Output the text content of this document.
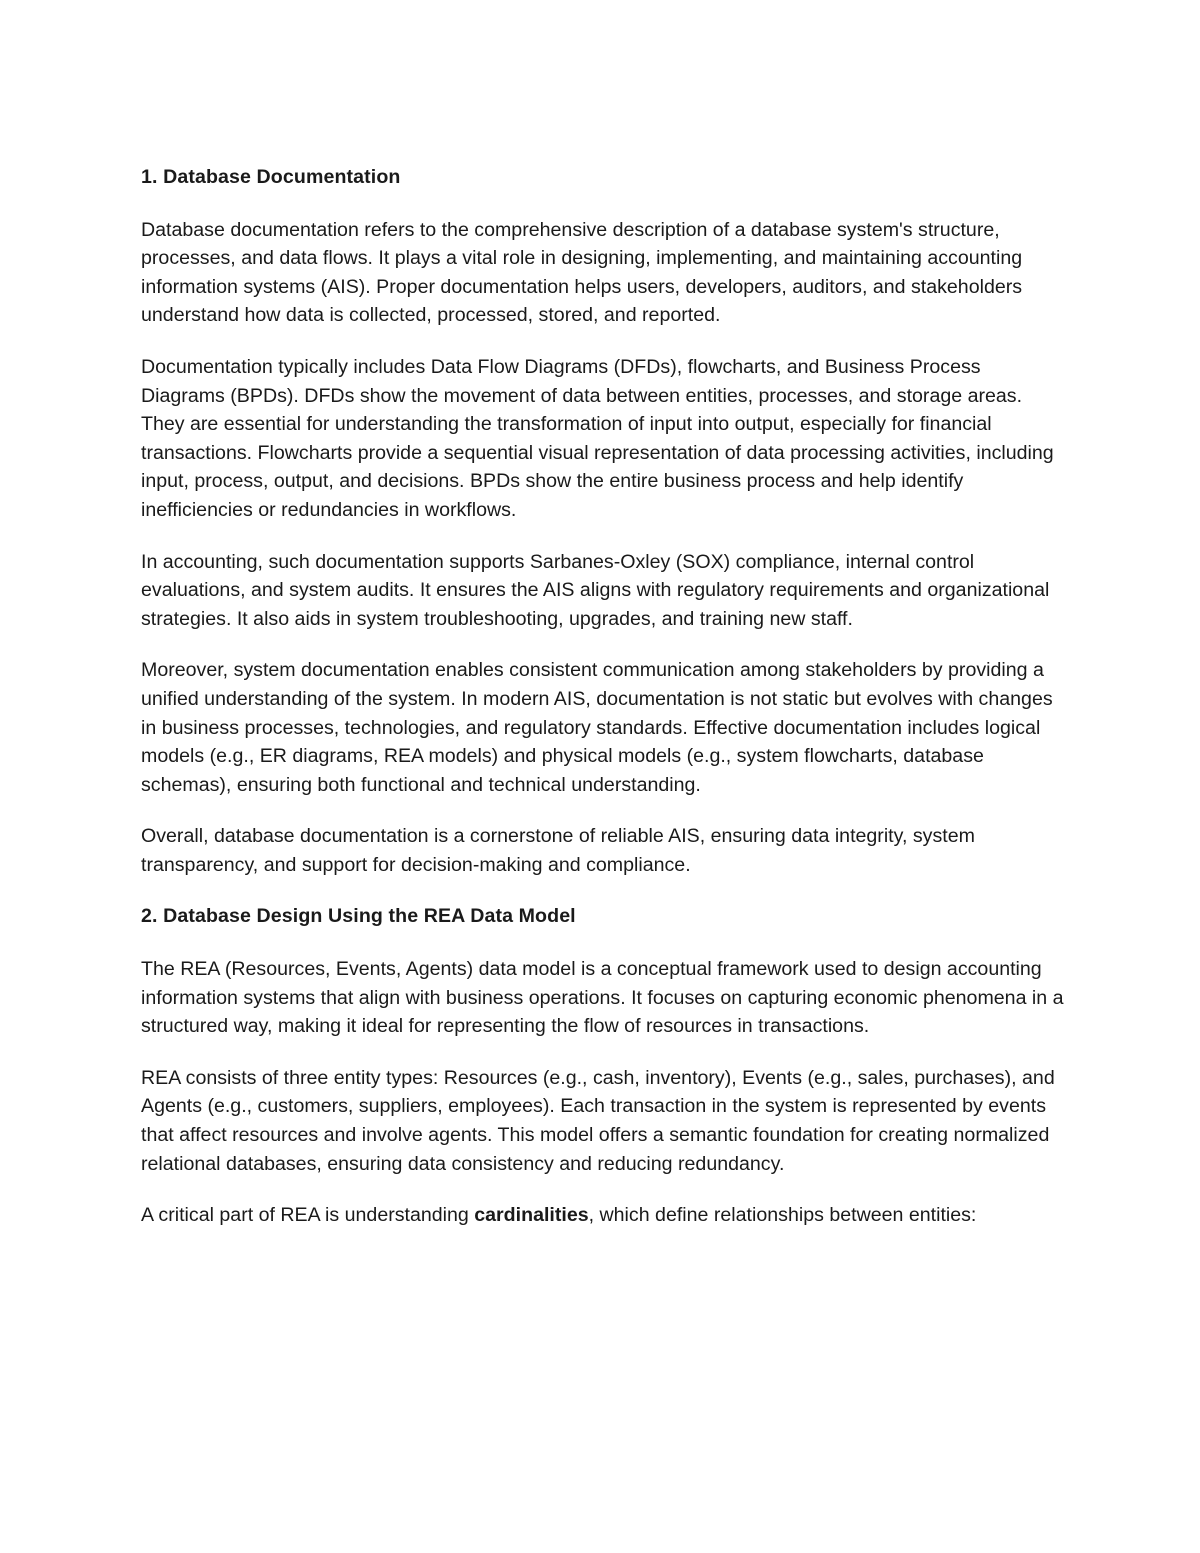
1. Database Documentation
Database documentation refers to the comprehensive description of a database system's structure, processes, and data flows. It plays a vital role in designing, implementing, and maintaining accounting information systems (AIS). Proper documentation helps users, developers, auditors, and stakeholders understand how data is collected, processed, stored, and reported.
Documentation typically includes Data Flow Diagrams (DFDs), flowcharts, and Business Process Diagrams (BPDs). DFDs show the movement of data between entities, processes, and storage areas. They are essential for understanding the transformation of input into output, especially for financial transactions. Flowcharts provide a sequential visual representation of data processing activities, including input, process, output, and decisions. BPDs show the entire business process and help identify inefficiencies or redundancies in workflows.
In accounting, such documentation supports Sarbanes-Oxley (SOX) compliance, internal control evaluations, and system audits. It ensures the AIS aligns with regulatory requirements and organizational strategies. It also aids in system troubleshooting, upgrades, and training new staff.
Moreover, system documentation enables consistent communication among stakeholders by providing a unified understanding of the system. In modern AIS, documentation is not static but evolves with changes in business processes, technologies, and regulatory standards. Effective documentation includes logical models (e.g., ER diagrams, REA models) and physical models (e.g., system flowcharts, database schemas), ensuring both functional and technical understanding.
Overall, database documentation is a cornerstone of reliable AIS, ensuring data integrity, system transparency, and support for decision-making and compliance.
2. Database Design Using the REA Data Model
The REA (Resources, Events, Agents) data model is a conceptual framework used to design accounting information systems that align with business operations. It focuses on capturing economic phenomena in a structured way, making it ideal for representing the flow of resources in transactions.
REA consists of three entity types: Resources (e.g., cash, inventory), Events (e.g., sales, purchases), and Agents (e.g., customers, suppliers, employees). Each transaction in the system is represented by events that affect resources and involve agents. This model offers a semantic foundation for creating normalized relational databases, ensuring data consistency and reducing redundancy.
A critical part of REA is understanding cardinalities, which define relationships between entities:
